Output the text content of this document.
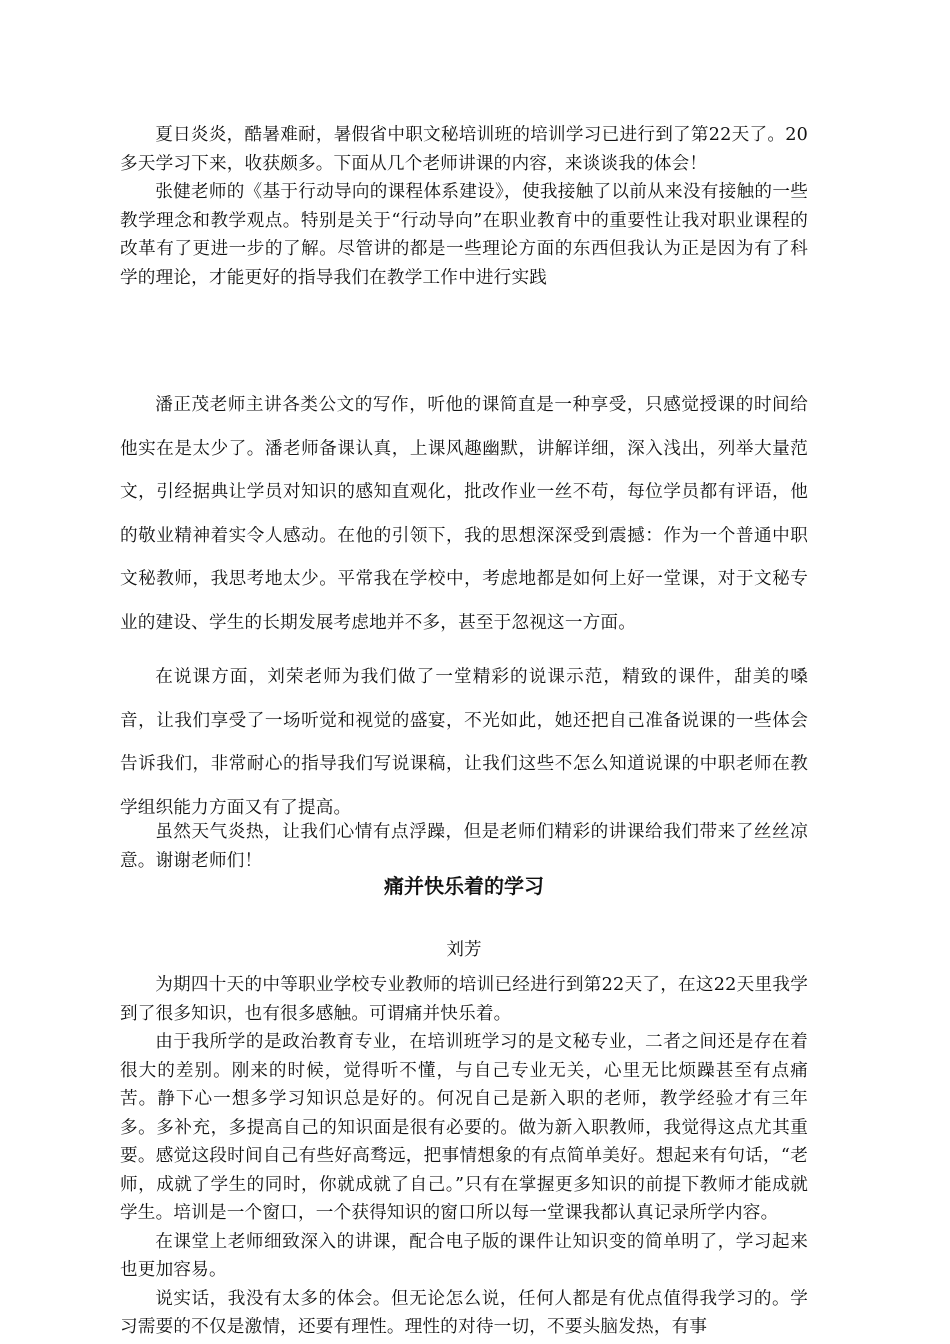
夏日炎炎，酷暑难耐，暑假省中职文秘培训班的培训学习已进行到了第22天了。20多天学习下来，收获颇多。下面从几个老师讲课的内容，来谈谈我的体会！

张健老师的《基于行动导向的课程体系建设》，使我接触了以前从来没有接触的一些教学理念和教学观点。特别是关于“行动导向”在职业教育中的重要性让我对职业课程的改革有了更进一步的了解。尽管讲的都是一些理论方面的东西但我认为正是因为有了科学的理论，才能更好的指导我们在教学工作中进行实践

潘正茂老师主讲各类公文的写作，听他的课简直是一种享受，只感觉授课的时间给他实在是太少了。潘老师备课认真，上课风趣幽默，讲解详细，深入浅出，列举大量范文，引经据典让学员对知识的感知直观化，批改作业一丝不苟，每位学员都有评语，他的敬业精神着实令人感动。在他的引领下，我的思想深深受到震撼：作为一个普通中职文秘教师，我思考地太少。平常我在学校中，考虑地都是如何上好一堂课，对于文秘专业的建设、学生的长期发展考虑地并不多，甚至于忽视这一方面。

在说课方面，刘荣老师为我们做了一堂精彩的说课示范，精致的课件，甜美的嗓音，让我们享受了一场听觉和视觉的盛宴，不光如此，她还把自己准备说课的一些体会告诉我们，非常耐心的指导我们写说课稿，让我们这些不怎么知道说课的中职老师在教学组织能力方面又有了提高。

虽然天气炎热，让我们心情有点浮躁，但是老师们精彩的讲课给我们带来了丝丝凉意。谢谢老师们！

痛并快乐着的学习
刘芳

为期四十天的中等职业学校专业教师的培训已经进行到第22天了，在这22天里我学到了很多知识，也有很多感触。可谓痛并快乐着。

由于我所学的是政治教育专业，在培训班学习的是文秘专业，二者之间还是存在着很大的差别。刚来的时候，觉得听不懂，与自己专业无关，心里无比烦躁甚至有点痛苦。静下心一想多学习知识总是好的。何况自己是新入职的老师，教学经验才有三年多。多补充，多提高自己的知识面是很有必要的。做为新入职教师，我觉得这点尤其重要。感觉这段时间自己有些好高骛远，把事情想象的有点简单美好。想起来有句话，“老师，成就了学生的同时，你就成就了自己。”只有在掌握更多知识的前提下教师才能成就学生。培训是一个窗口，一个获得知识的窗口所以每一堂课我都认真记录所学内容。

在课堂上老师细致深入的讲课，配合电子版的课件让知识变的简单明了，学习起来也更加容易。

说实话，我没有太多的体会。但无论怎么说，任何人都是有优点值得我学习的。学习需要的不仅是激情，还要有理性。理性的对待一切，不要头脑发热，有事
